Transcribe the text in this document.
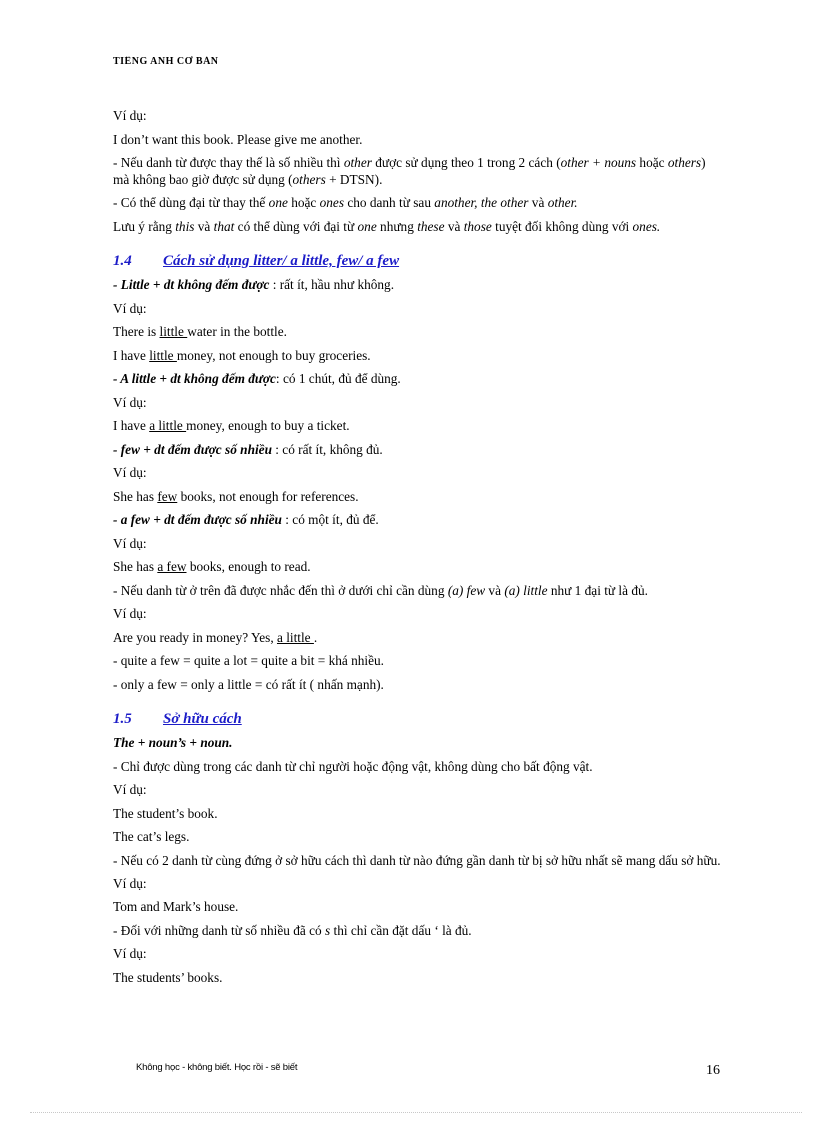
TIẾNG ANH CƠ BẢN
Ví dụ:
I don’t want this book. Please give me another.
- Nếu danh từ được thay thế là số nhiều thì other được sử dụng theo 1 trong 2 cách (other + nouns hoặc others) mà không bao giờ được sử dụng (others + DTSN).
- Có thể dùng đại từ thay thế one hoặc ones cho danh từ sau another, the other và other.
Lưu ý rằng this và that có thể dùng với đại từ one nhưng these và those tuyệt đối không dùng với ones.
1.4 Cách sử dụng litter/ a little, few/ a few
- Little + dt không đếm được : rất ít, hầu như không.
Ví dụ:
There is little water in the bottle.
I have little money, not enough to buy groceries.
- A little + dt không đếm được: có 1 chút, đủ để dùng.
Ví dụ:
I have a little money, enough to buy a ticket.
- few + dt đếm được số nhiều : có rất ít, không đủ.
Ví dụ:
She has few books, not enough for references.
- a few + dt đếm được số nhiều : có một ít, đủ để.
Ví dụ:
She has a few books, enough to read.
- Nếu danh từ ở trên đã được nhắc đến thì ở dưới chỉ cần dùng (a) few và (a) little như 1 đại từ là đủ.
Ví dụ:
Are you ready in money? Yes, a little .
- quite a few = quite a lot = quite a bit = khá nhiều.
- only a few = only a little = có rất ít ( nhấn mạnh).
1.5 Sở hữu cách
The + noun’s + noun.
- Chỉ được dùng trong các danh từ chỉ người hoặc động vật, không dùng cho bất động vật.
Ví dụ:
The student’s book.
The cat’s legs.
- Nếu có 2 danh từ cùng đứng ở sở hữu cách thì danh từ nào đứng gần danh từ bị sở hữu nhất sẽ mang dấu sở hữu.
Ví dụ:
Tom and Mark’s house.
- Đối với những danh từ số nhiều đã có s thì chỉ cần đặt dấu ‘ là đủ.
Ví dụ:
The students’ books.
Không học - không biết. Học rồi - sẽ biết	16
